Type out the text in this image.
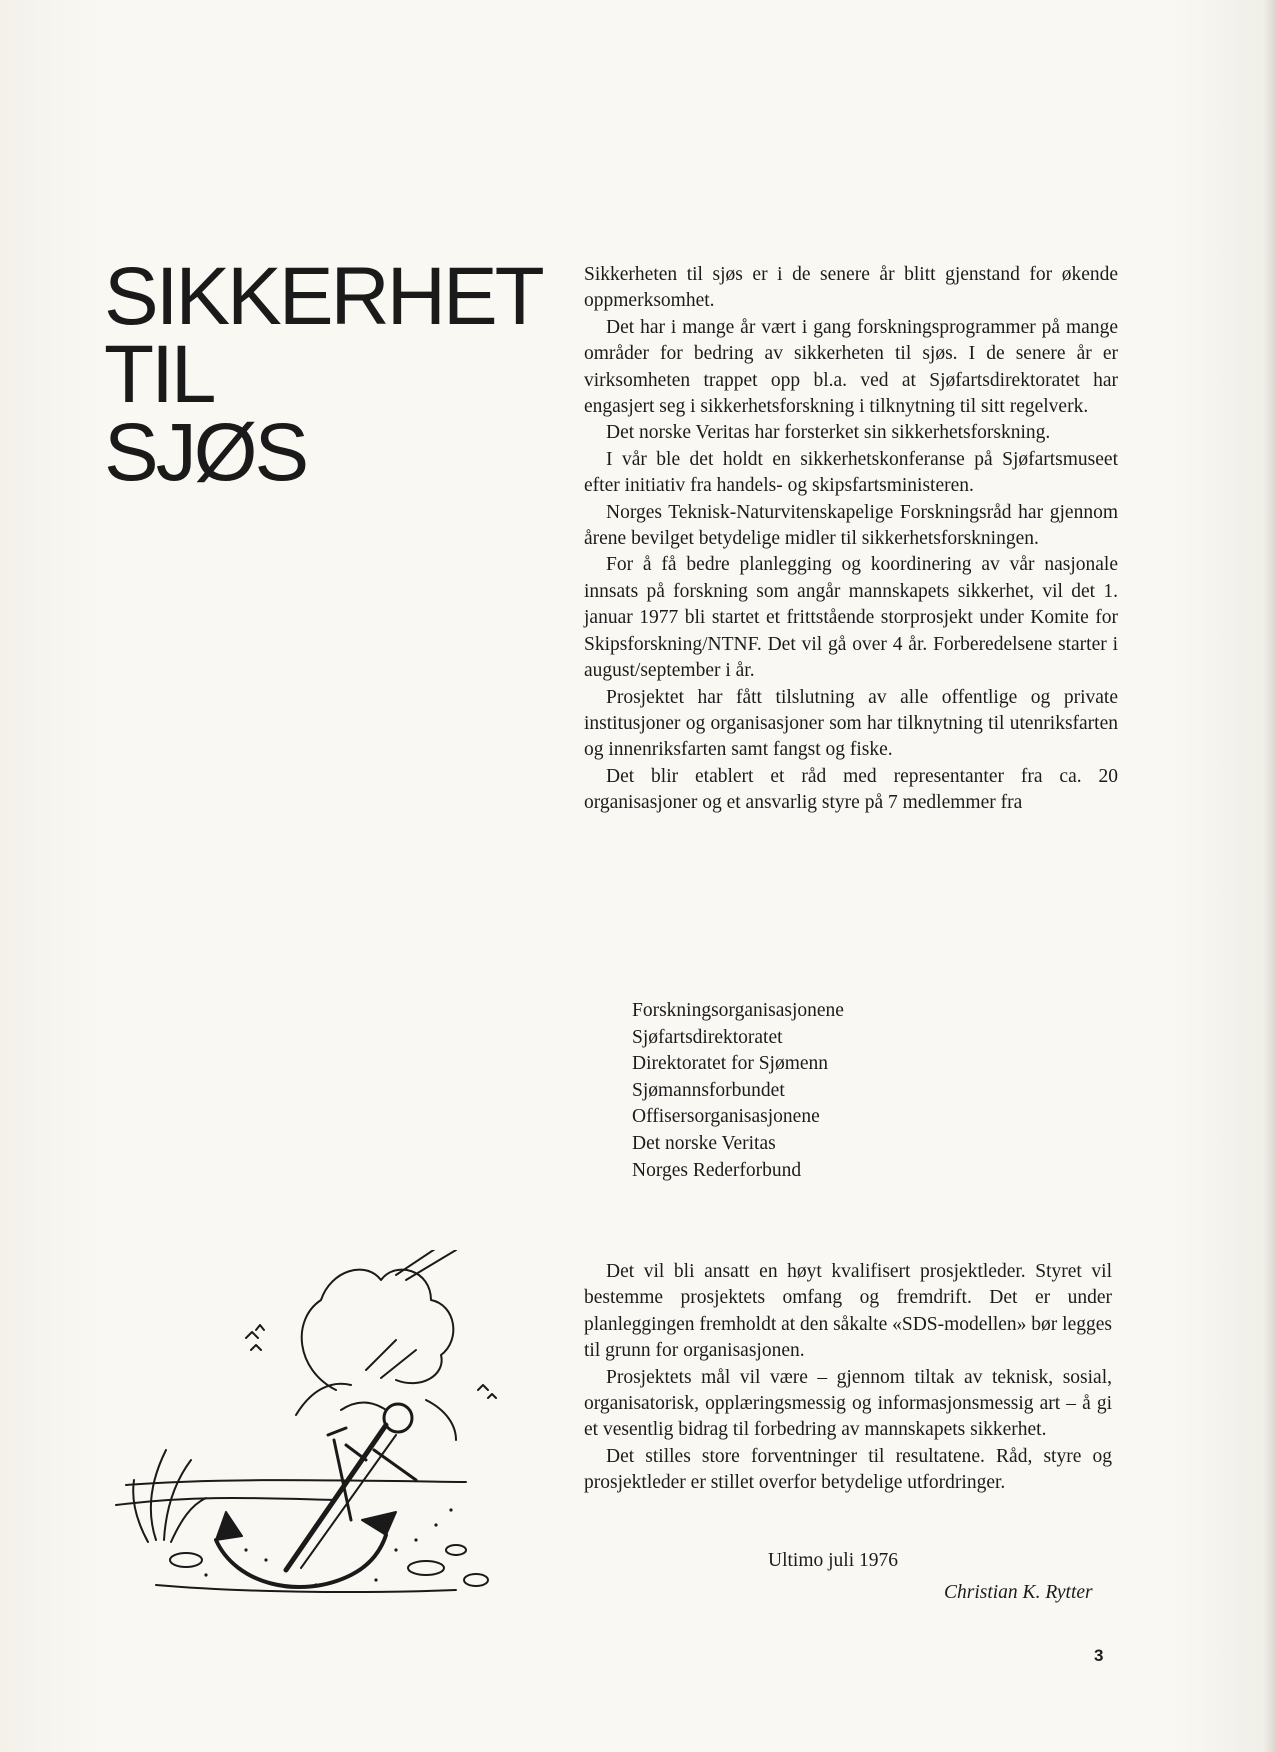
SIKKERHET
TIL
SJØS

Sikkerheten til sjøs er i de senere år blitt gjenstand for økende oppmerksomhet.

Det har i mange år vært i gang forskningsprogrammer på mange områder for bedring av sikkerheten til sjøs. I de senere år er virksomheten trappet opp bl.a. ved at Sjøfartsdirektoratet har engasjert seg i sikkerhetsforskning i tilknytning til sitt regelverk.

Det norske Veritas har forsterket sin sikkerhetsforskning.

I vår ble det holdt en sikkerhetskonferanse på Sjøfartsmuseet efter initiativ fra handels- og skipsfartsministeren.

Norges Teknisk-Naturvitenskapelige Forskningsråd har gjennom årene bevilget betydelige midler til sikkerhetsforskningen.

For å få bedre planlegging og koordinering av vår nasjonale innsats på forskning som angår mannskapets sikkerhet, vil det 1. januar 1977 bli startet et frittstående storprosjekt under Komite for Skipsforskning/NTNF. Det vil gå over 4 år. Forberedelsene starter i august/september i år.

Prosjektet har fått tilslutning av alle offentlige og private institusjoner og organisasjoner som har tilknytning til utenriksfarten og innenriksfarten samt fangst og fiske.

Det blir etablert et råd med representanter fra ca. 20 organisasjoner og et ansvarlig styre på 7 medlemmer fra

Forskningsorganisasjonene
Sjøfartsdirektoratet
Direktoratet for Sjømenn
Sjømannsforbundet
Offisersorganisasjonene
Det norske Veritas
Norges Rederforbund

Det vil bli ansatt en høyt kvalifisert prosjektleder. Styret vil bestemme prosjektets omfang og fremdrift. Det er under planleggingen fremholdt at den såkalte «SDS-modellen» bør legges til grunn for organisasjonen.

Prosjektets mål vil være – gjennom tiltak av teknisk, sosial, organisatorisk, opplæringsmessig og informasjonsmessig art – å gi et vesentlig bidrag til forbedring av mannskapets sikkerhet.

Det stilles store forventninger til resultatene. Råd, styre og prosjektleder er stillet overfor betydelige utfordringer.

Ultimo juli 1976
Christian K. Rytter
3
